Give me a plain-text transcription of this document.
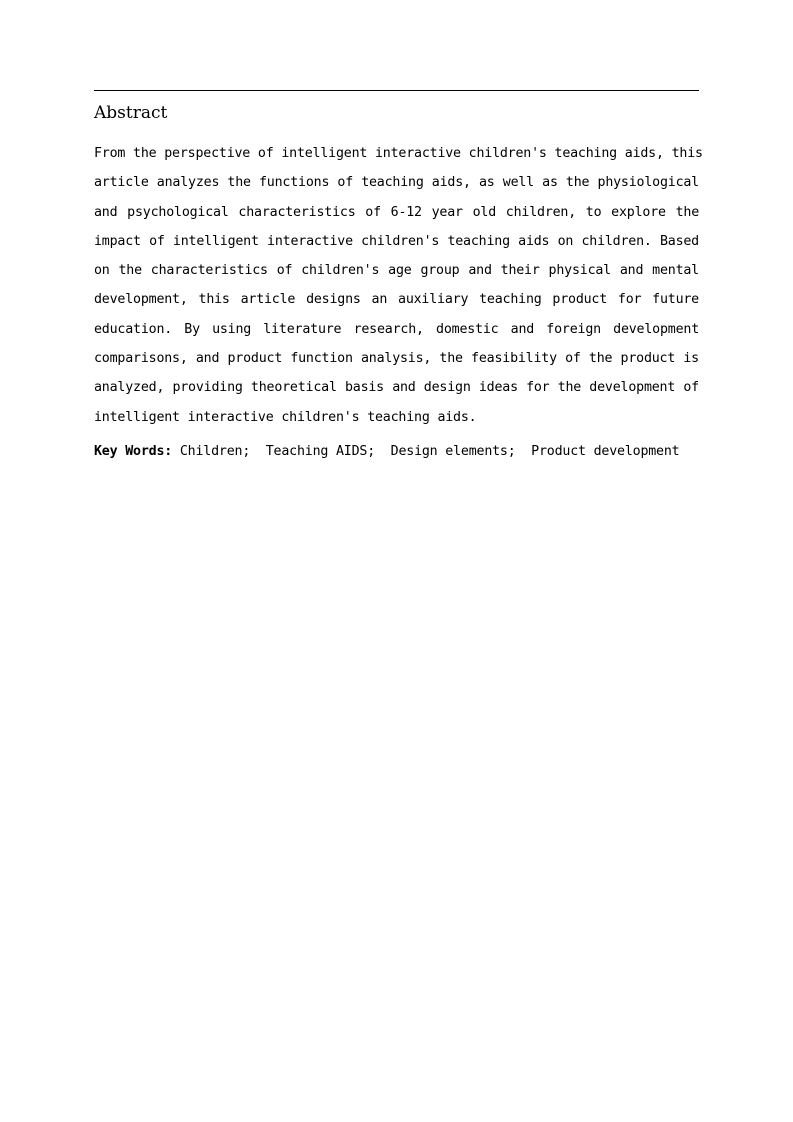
Abstract
From the perspective of intelligent interactive children's teaching aids, this
article analyzes the functions of teaching aids, as well as the physiological
and psychological characteristics of 6-12 year old children, to explore the
impact of intelligent interactive children's teaching aids on children. Based
on the characteristics of children's age group and their physical and mental
development, this article designs an auxiliary teaching product for future
education. By using literature research, domestic and foreign development
comparisons, and product function analysis, the feasibility of the product is
analyzed, providing theoretical basis and design ideas for the development of
intelligent interactive children's teaching aids.
Key Words: Children; Teaching AIDS; Design elements; Product development
